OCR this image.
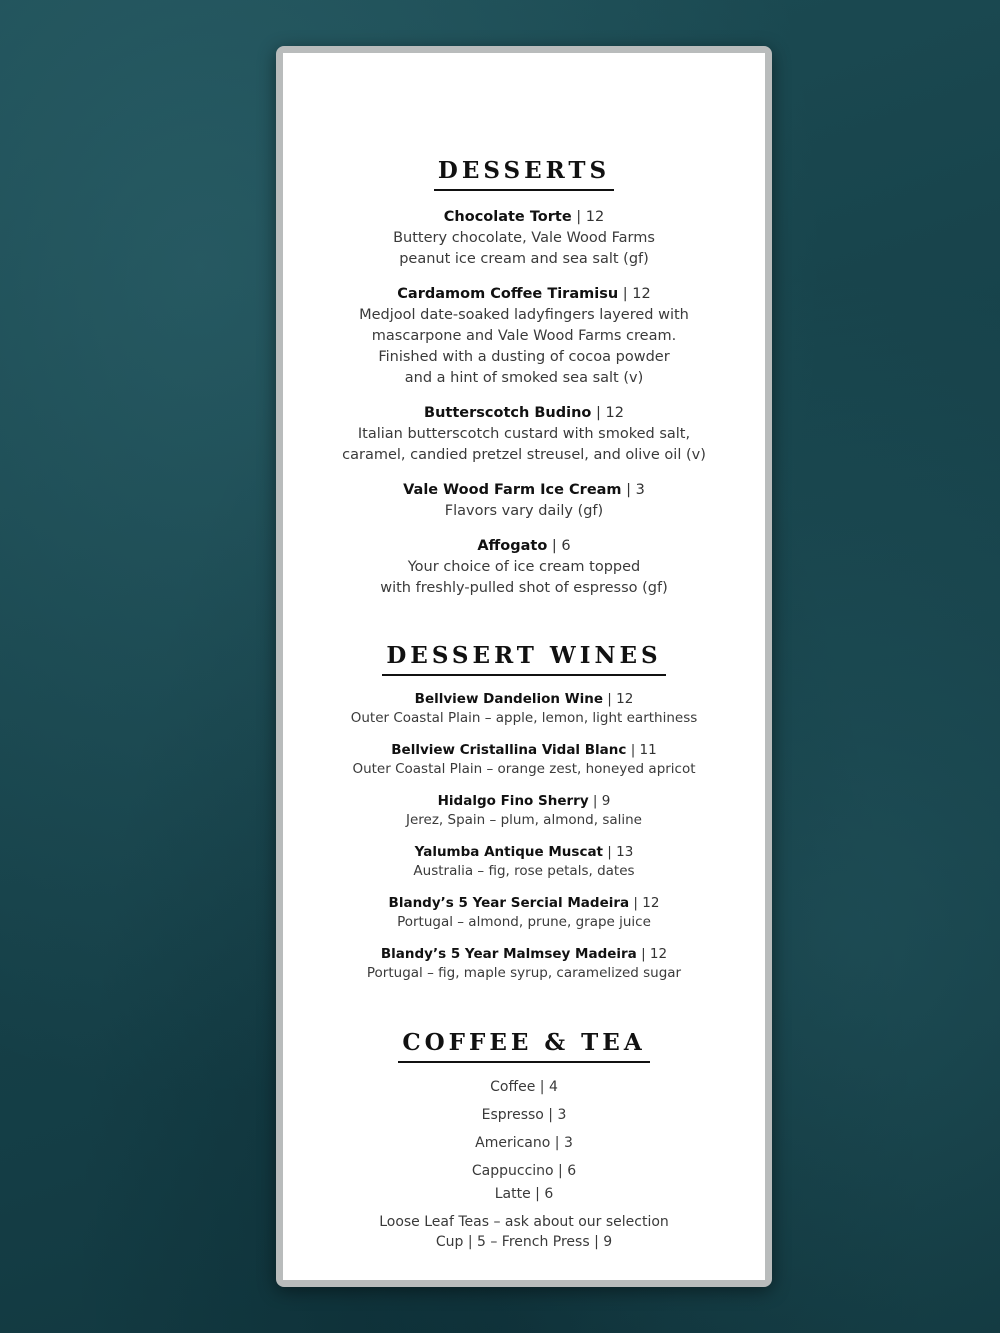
DESSERTS
Chocolate Torte | 12
Buttery chocolate, Vale Wood Farms
peanut ice cream and sea salt (gf)
Cardamom Coffee Tiramisu | 12
Medjool date-soaked ladyfingers layered with
mascarpone and Vale Wood Farms cream.
Finished with a dusting of cocoa powder
and a hint of smoked sea salt (v)
Butterscotch Budino | 12
Italian butterscotch custard with smoked salt,
caramel, candied pretzel streusel, and olive oil (v)
Vale Wood Farm Ice Cream | 3
Flavors vary daily (gf)
Affogato | 6
Your choice of ice cream topped
with freshly-pulled shot of espresso (gf)
DESSERT WINES
Bellview Dandelion Wine | 12
Outer Coastal Plain – apple, lemon, light earthiness
Bellview Cristallina Vidal Blanc | 11
Outer Coastal Plain – orange zest, honeyed apricot
Hidalgo Fino Sherry | 9
Jerez, Spain – plum, almond, saline
Yalumba Antique Muscat | 13
Australia – fig, rose petals, dates
Blandy’s 5 Year Sercial Madeira | 12
Portugal – almond, prune, grape juice
Blandy’s 5 Year Malmsey Madeira | 12
Portugal – fig, maple syrup, caramelized sugar
COFFEE & TEA
Coffee | 4
Espresso | 3
Americano | 3
Cappuccino | 6
Latte | 6
Loose Leaf Teas – ask about our selection
Cup | 5 – French Press | 9
